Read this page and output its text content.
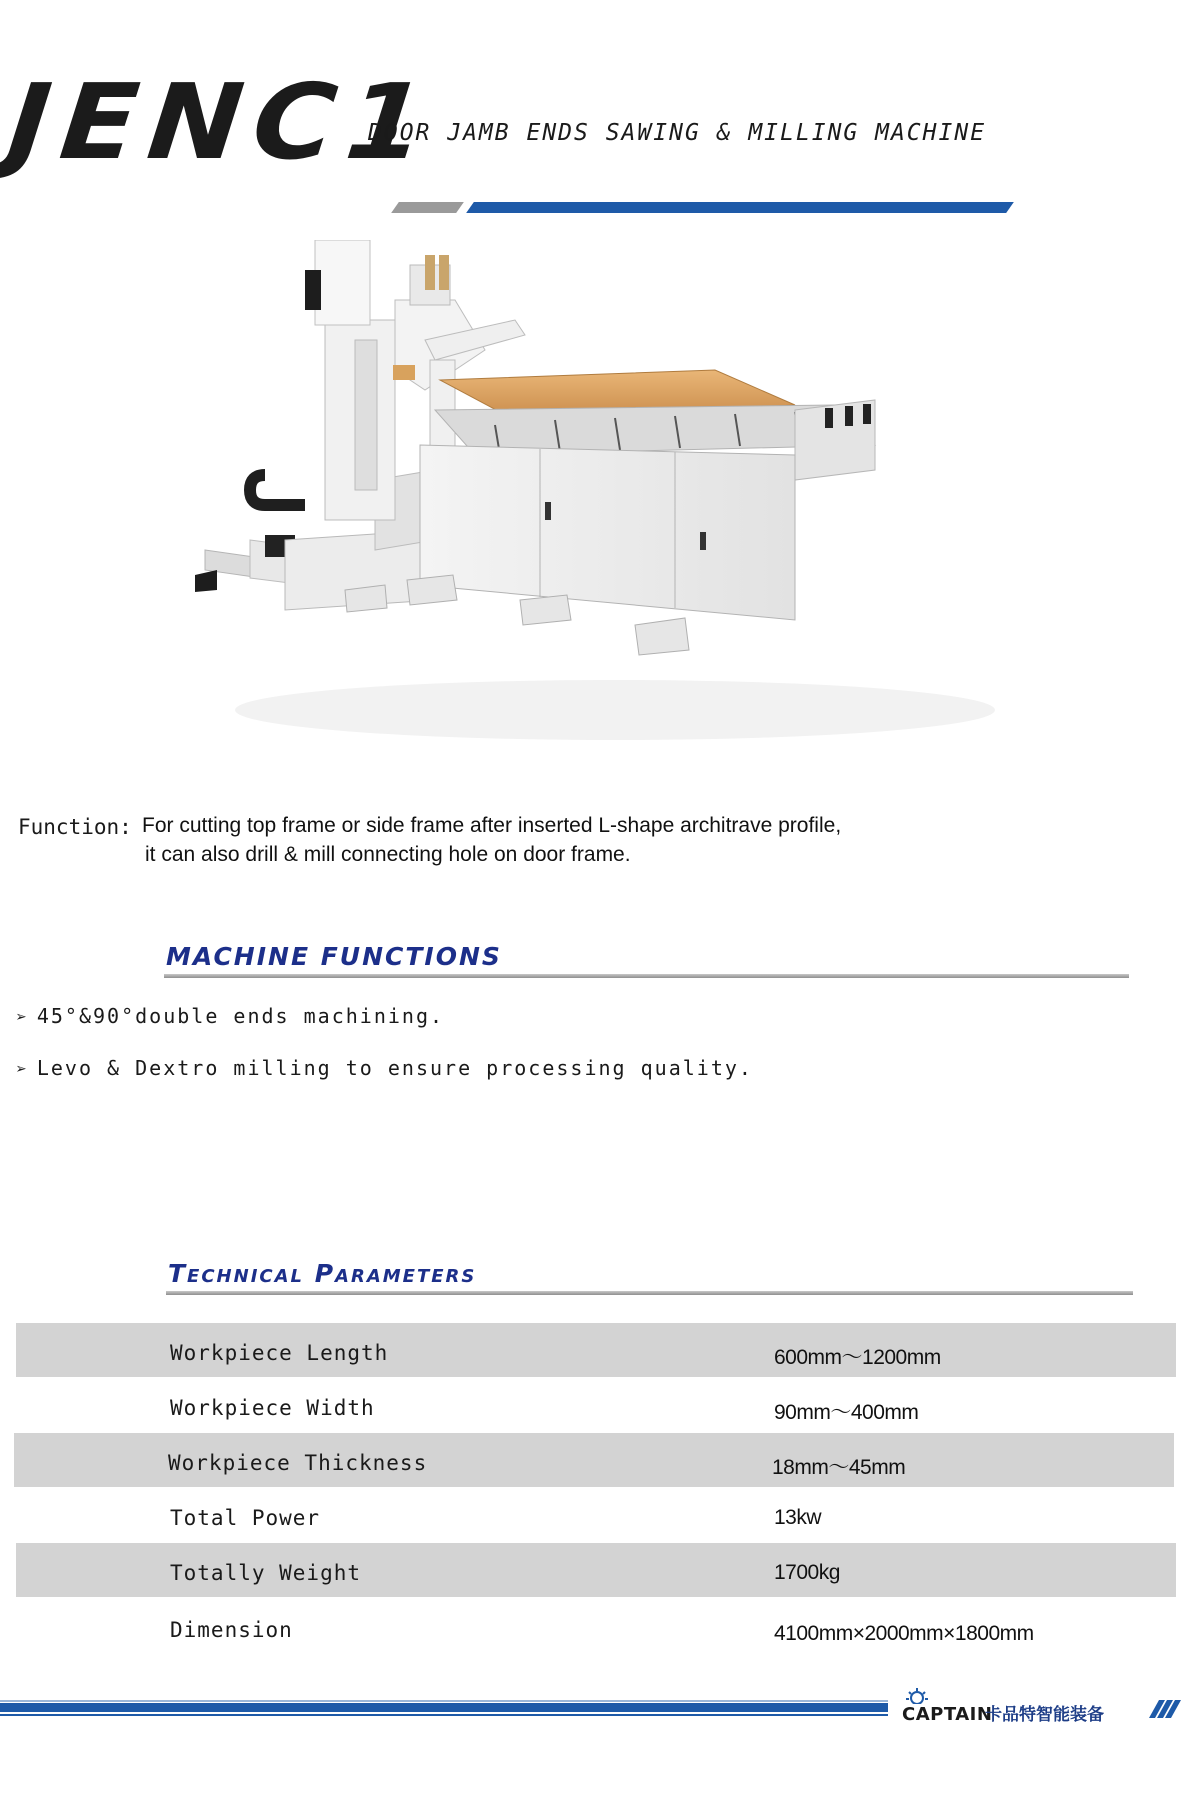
JENC1
DOOR JAMB ENDS SAWING & MILLING MACHINE
Function: For cutting top frame or side frame after inserted L-shape architrave profile,
it can also drill & mill connecting hole on door frame.
MACHINE FUNCTIONS
➢ 45°&90°double ends machining.
➢ Levo & Dextro milling to ensure processing quality.
Technical Parameters
Workpiece Length	600mm～1200mm
Workpiece Width	90mm～400mm
Workpiece Thickness	18mm～45mm
Total Power	13kw
Totally Weight	1700kg
Dimension	4100mm×2000mm×1800mm
CAPTAIN
卡品特智能装备
